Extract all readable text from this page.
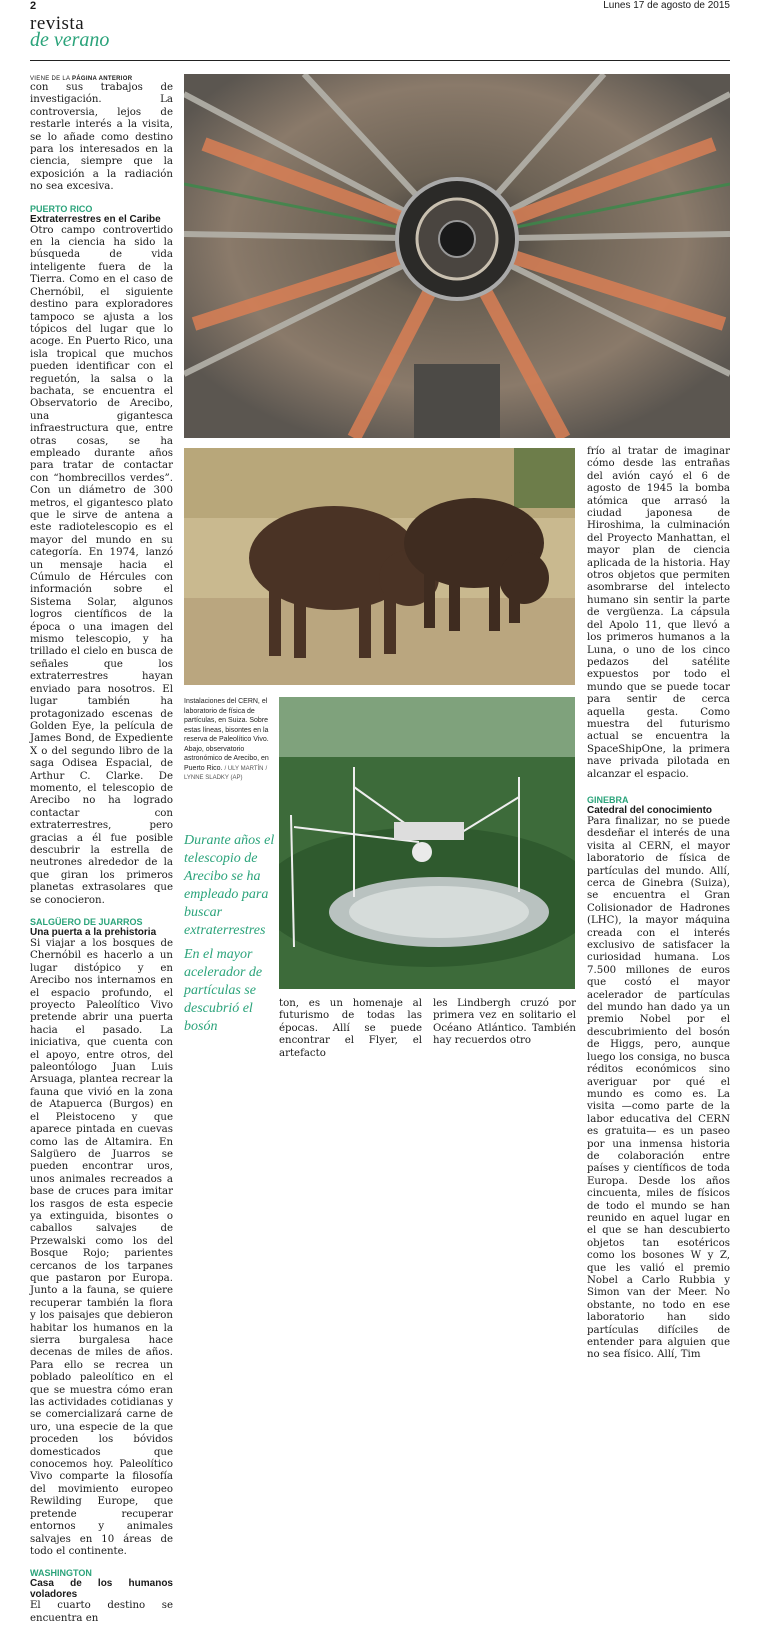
2	Lunes 17 de agosto de 2015
revista
de verano
VIENE DE LA PÁGINA ANTERIOR

con sus trabajos de investigación. La controversia, lejos de restarle interés a la visita, se lo añade como destino para los interesados en la ciencia, siempre que la exposición a la radiación no sea excesiva.

PUERTO RICO

Extraterrestres en el Caribe

Otro campo controvertido en la ciencia ha sido la búsqueda de vida inteligente fuera de la Tierra. Como en el caso de Chernóbil, el siguiente destino para exploradores tampoco se ajusta a los tópicos del lugar que lo acoge. En Puerto Rico, una isla tropical que muchos pueden identificar con el reguetón, la salsa o la bachata, se encuentra el Observatorio de Arecibo, una gigantesca infraestructura que, entre otras cosas, se ha empleado durante años para tratar de contactar con “hombrecillos verdes”. Con un diámetro de 300 metros, el gigantesco plato que le sirve de antena a este radiotelescopio es el mayor del mundo en su categoría. En 1974, lanzó un mensaje hacia el Cúmulo de Hércules con información sobre el Sistema Solar, algunos logros científicos de la época o una imagen del mismo telescopio, y ha trillado el cielo en busca de señales que los extraterrestres hayan enviado para nosotros. El lugar también ha protagonizado escenas de Golden Eye, la película de James Bond, de Expediente X o del segundo libro de la saga Odisea Espacial, de Arthur C. Clarke. De momento, el telescopio de Arecibo no ha logrado contactar con extraterrestres, pero gracias a él fue posible descubrir la estrella de neutrones alrededor de la que giran los primeros planetas extrasolares que se conocieron.

SALGÜERO DE JUARROS

Una puerta a la prehistoria

Si viajar a los bosques de Chernóbil es hacerlo a un lugar distópico y en Arecibo nos internamos en el espacio profundo, el proyecto Paleolítico Vivo pretende abrir una puerta hacia el pasado. La iniciativa, que cuenta con el apoyo, entre otros, del paleontólogo Juan Luis Arsuaga, plantea recrear la fauna que vivió en la zona de Atapuerca (Burgos) en el Pleistoceno y que aparece pintada en cuevas como las de Altamira. En Salgüero de Juarros se pueden encontrar uros, unos animales recreados a base de cruces para imitar los rasgos de esta especie ya extinguida, bisontes o caballos salvajes de Przewalski como los del Bosque Rojo; parientes cercanos de los tarpanes que pastaron por Europa. Junto a la fauna, se quiere recuperar también la flora y los paisajes que debieron habitar los humanos en la sierra burgalesa hace decenas de miles de años. Para ello se recrea un poblado paleolítico en el que se muestra cómo eran las actividades cotidianas y se comercializará carne de uro, una especie de la que proceden los bóvidos domesticados que conocemos hoy. Paleolítico Vivo comparte la filosofía del movimiento europeo Rewilding Europe, que pretende recuperar entornos y animales salvajes en 10 áreas de todo el continente.

WASHINGTON

Casa de los humanos voladores

El cuarto destino se encuentra en

Instalaciones del CERN, el laboratorio de física de partículas, en Suiza. Sobre estas líneas, bisontes en la reserva de Paleolítico Vivo. Abajo, observatorio astronómico de Arecibo, en Puerto Rico. / ULY MARTÍN / LYNNE SLADKY (AP)
Durante años el telescopio de Arecibo se ha empleado para buscar extraterrestres
En el mayor acelerador de partículas se descubrió el bosón

frío al tratar de imaginar cómo desde las entrañas del avión cayó el 6 de agosto de 1945 la bomba atómica que arrasó la ciudad japonesa de Hiroshima, la culminación del Proyecto Manhattan, el mayor plan de ciencia aplicada de la historia. Hay otros objetos que permiten asombrarse del intelecto humano sin sentir la parte de vergüenza. La cápsula del Apolo 11, que llevó a los primeros humanos a la Luna, o uno de los cinco pedazos del satélite expuestos por todo el mundo que se puede tocar para sentir de cerca aquella gesta. Como muestra del futurismo actual se encuentra la SpaceShipOne, la primera nave privada pilotada en alcanzar el espacio.

GINEBRA

Catedral del conocimiento

Para finalizar, no se puede desdeñar el interés de una visita al CERN, el mayor laboratorio de física de partículas del mundo. Allí, cerca de Ginebra (Suiza), se encuentra el Gran Colisionador de Hadrones (LHC), la mayor máquina creada con el interés exclusivo de satisfacer la curiosidad humana. Los 7.500 millones de euros que costó el mayor acelerador de partículas del mundo han dado ya un premio Nobel por el descubrimiento del bosón de Higgs, pero, aunque luego los consiga, no busca réditos económicos sino averiguar por qué el mundo es como es. La visita —como parte de la labor educativa del CERN es gratuita— es un paseo por una inmensa historia de colaboración entre países y científicos de toda Europa. Desde los años cincuenta, miles de físicos de todo el mundo se han reunido en aquel lugar en el que se han descubierto objetos tan esotéricos como los bosones W y Z, que les valió el premio Nobel a Carlo Rubbia y Simon van der Meer. No obstante, no todo en ese laboratorio han sido partículas difíciles de entender para alguien que no sea físico. Allí, Tim

ton, es un homenaje al futurismo de todas las épocas. Allí se puede encontrar el Flyer, el artefacto
les Lindbergh cruzó por primera vez en solitario el Océano Atlántico. También hay recuerdos otro
